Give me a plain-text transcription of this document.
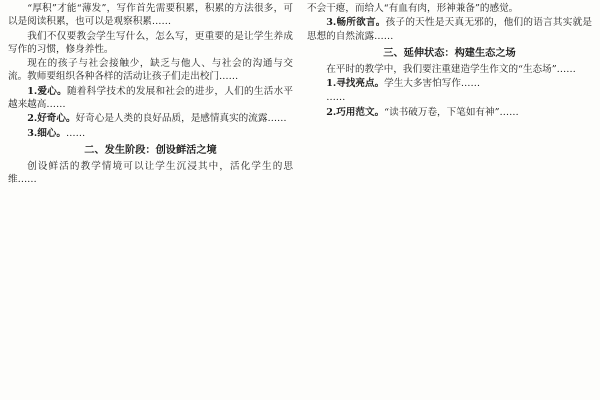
“厚积”才能“薄发”，写作首先需要积累，积累的方法很多，可以是阅读积累，也可以是观察积累……

我们不仅要教会学生写什么，怎么写，更重要的是让学生养成写作的习惯，修身养性。

现在的孩子与社会接触少，缺乏与他人、与社会的沟通与交流。教师要组织各种各样的活动让孩子们走出校门……

1.爱心。随着科学技术的发展和社会的进步，人们的生活水平越来越高……

2.好奇心。好奇心是人类的良好品质，是感情真实的流露……

3.细心。……

二、发生阶段：创设鲜活之境

创设鲜活的教学情境可以让学生沉浸其中，活化学生的思维……

不会干瘪，而给人“有血有肉，形神兼备”的感觉。

3.畅所欲言。孩子的天性是天真无邪的，他们的语言其实就是思想的自然流露……

三、延伸状态：构建生态之场

在平时的教学中，我们要注重建造学生作文的“生态场”……

1.寻找亮点。学生大多害怕写作……

……

2.巧用范文。“读书破万卷，下笔如有神”……
